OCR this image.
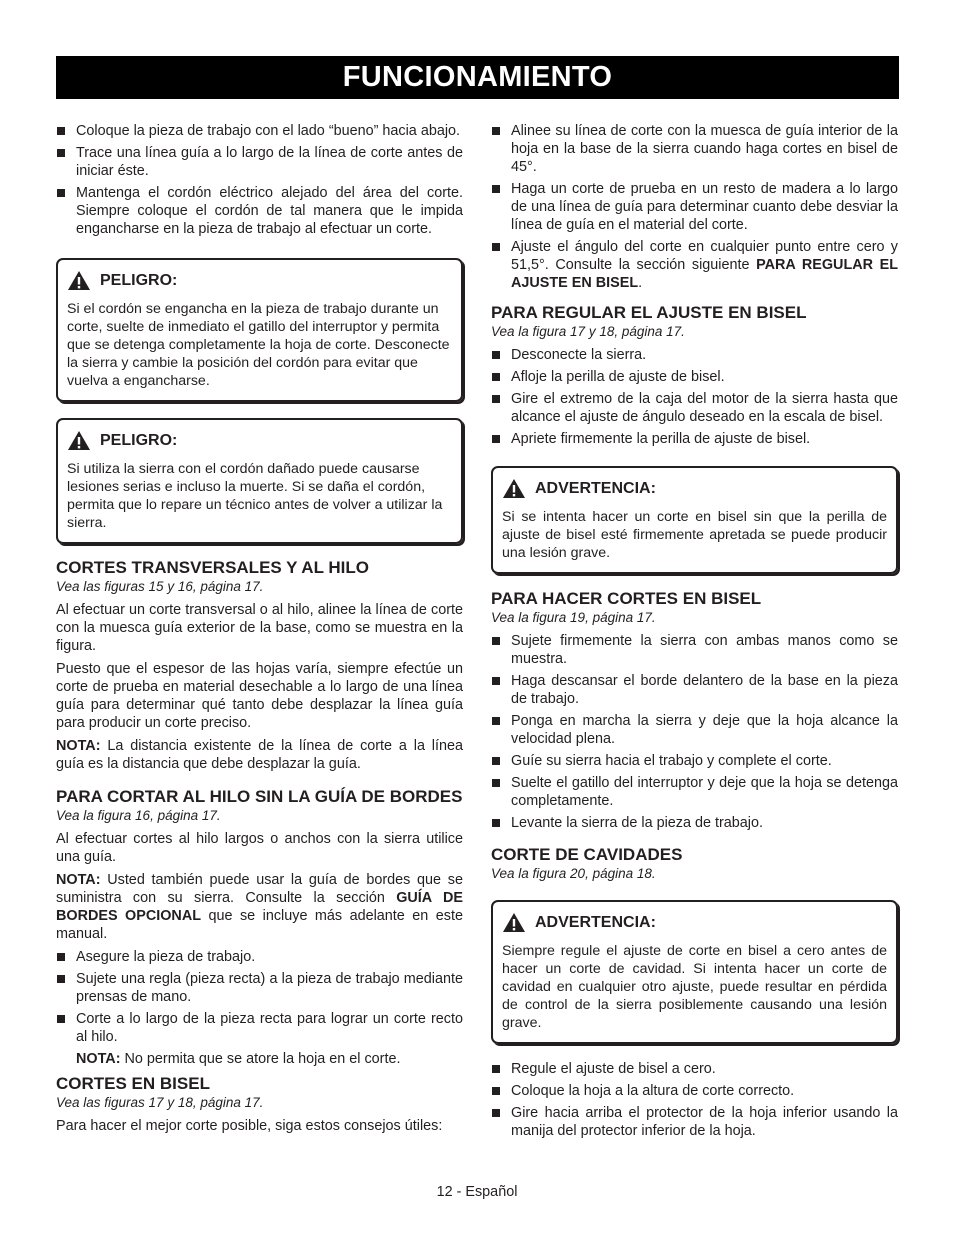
FUNCIONAMIENTO
Coloque la pieza de trabajo con el lado “bueno” hacia abajo.
Trace una línea guía a lo largo de la línea de corte antes de iniciar éste.
Mantenga el cordón eléctrico alejado del área del corte. Siempre coloque el cordón de tal manera que le impida engancharse en la pieza de trabajo al efectuar un corte.
PELIGRO:

Si el cordón se engancha en la pieza de trabajo durante un corte, suelte de inmediato el gatillo del interruptor y permita que se detenga completamente la hoja de corte. Desconecte la sierra y cambie la posición del cordón para evitar que vuelva a engancharse.

PELIGRO:

Si utiliza la sierra con el cordón dañado puede causarse lesiones serias e incluso la muerte. Si se daña el cordón, permita que lo repare un técnico antes de volver a utilizar la sierra.

CORTES TRANSVERSALES Y AL HILO
Vea las figuras 15 y 16, página 17.

Al efectuar un corte transversal o al hilo, alinee la línea de corte con la muesca guía exterior de la base, como se muestra en la figura.

Puesto que el espesor de las hojas varía, siempre efectúe un corte de prueba en material desechable a lo largo de una línea guía para determinar qué tanto debe desplazar la línea guía para producir un corte preciso.

NOTA: La distancia existente de la línea de corte a la línea guía es la distancia que debe desplazar la guía.

PARA CORTAR AL HILO SIN LA GUÍA DE BORDES
Vea la figura 16, página 17.

Al efectuar cortes al hilo largos o anchos con la sierra utilice una guía.

NOTA: Usted también puede usar la guía de bordes que se suministra con su sierra. Consulte la sección GUÍA DE BORDES OPCIONAL que se incluye más adelante en este manual.

Asegure la pieza de trabajo.
Sujete una regla (pieza recta) a la pieza de trabajo mediante prensas de mano.
Corte a lo largo de la pieza recta para lograr un corte recto al hilo.

NOTA: No permita que se atore la hoja en el corte.

CORTES EN BISEL
Vea las figuras 17 y 18, página 17.

Para hacer el mejor corte posible, siga estos consejos útiles:

Alinee su línea de corte con la muesca de guía interior de la hoja en la base de la sierra cuando haga cortes en bisel de 45°.
Haga un corte de prueba en un resto de madera a lo largo de una línea de guía para determinar cuanto debe desviar la línea de guía en el material del corte.
Ajuste el ángulo del corte en cualquier punto entre cero y 51,5°. Consulte la sección siguiente PARA REGULAR EL AJUSTE EN BISEL.
PARA REGULAR EL AJUSTE EN BISEL
Vea la figura 17 y 18, página 17.
Desconecte la sierra.
Afloje la perilla de ajuste de bisel.
Gire el extremo de la caja del motor de la sierra hasta que alcance el ajuste de ángulo deseado en la escala de bisel.
Apriete firmemente la perilla de ajuste de bisel.
ADVERTENCIA:

Si se intenta hacer un corte en bisel sin que la perilla de ajuste de bisel esté firmemente apretada se puede producir una lesión grave.

PARA HACER CORTES EN BISEL
Vea la figura 19, página 17.
Sujete firmemente la sierra con ambas manos como se muestra.
Haga descansar el borde delantero de la base en la pieza de trabajo.
Ponga en marcha la sierra y deje que la hoja alcance la velocidad plena.
Guíe su sierra hacia el trabajo y complete el corte.
Suelte el gatillo del interruptor y deje que la hoja se detenga completamente.
Levante la sierra de la pieza de trabajo.
CORTE DE CAVIDADES
Vea la figura 20, página 18.
ADVERTENCIA:

Siempre regule el ajuste de corte en bisel a cero antes de hacer un corte de cavidad. Si intenta hacer un corte de cavidad en cualquier otro ajuste, puede resultar en pérdida de control de la sierra posiblemente causando una lesión grave.

Regule el ajuste de bisel a cero.
Coloque la hoja a la altura de corte correcto.
Gire hacia arriba el protector de la hoja inferior usando la manija del protector inferior de la hoja.
12 - Español
